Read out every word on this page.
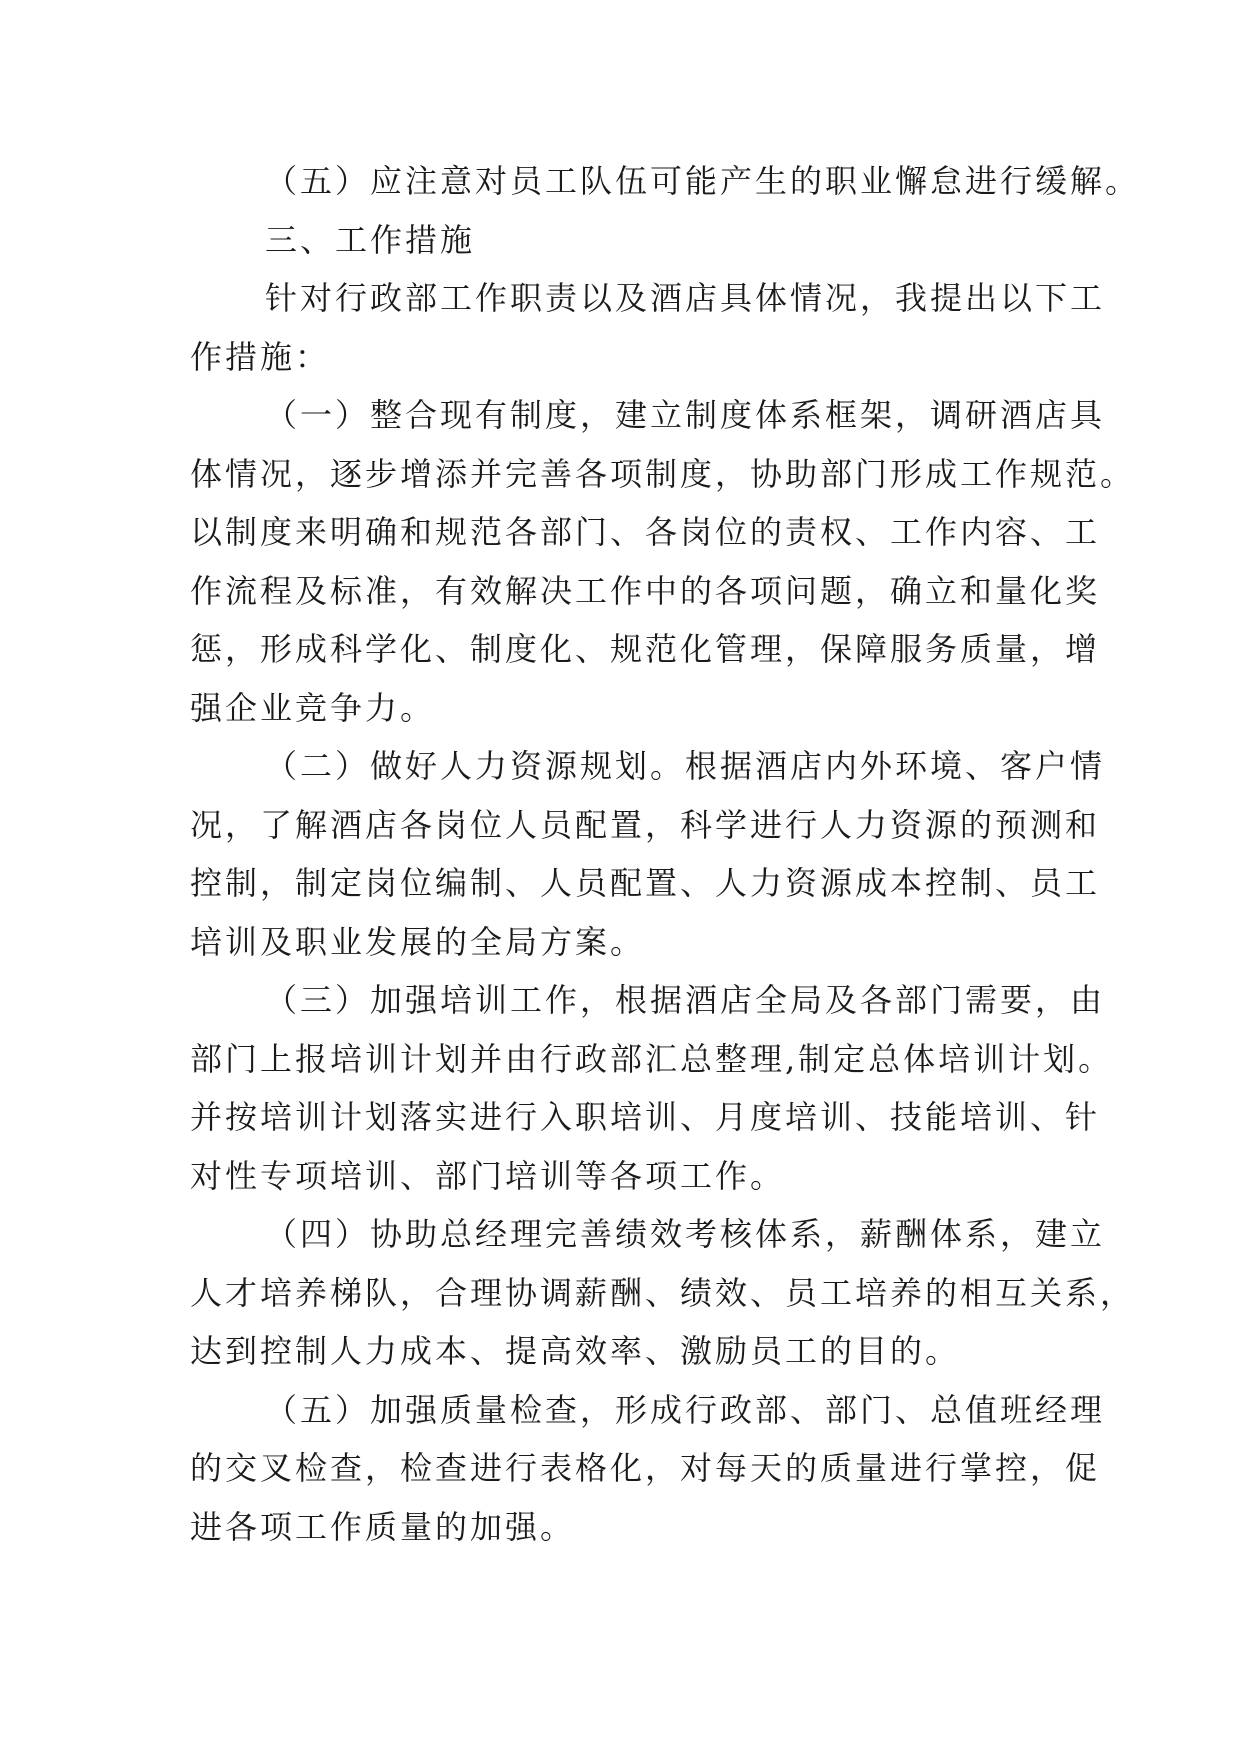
（五）应注意对员工队伍可能产生的职业懈怠进行缓解。
三、工作措施
针对行政部工作职责以及酒店具体情况，我提出以下工
作措施：
（一）整合现有制度，建立制度体系框架，调研酒店具
体情况，逐步增添并完善各项制度，协助部门形成工作规范。
以制度来明确和规范各部门、各岗位的责权、工作内容、工
作流程及标准，有效解决工作中的各项问题，确立和量化奖
惩，形成科学化、制度化、规范化管理，保障服务质量，增
强企业竞争力。
（二）做好人力资源规划。根据酒店内外环境、客户情
况，了解酒店各岗位人员配置，科学进行人力资源的预测和
控制，制定岗位编制、人员配置、人力资源成本控制、员工
培训及职业发展的全局方案。
（三）加强培训工作，根据酒店全局及各部门需要，由
部门上报培训计划并由行政部汇总整理,制定总体培训计划。
并按培训计划落实进行入职培训、月度培训、技能培训、针
对性专项培训、部门培训等各项工作。
（四）协助总经理完善绩效考核体系，薪酬体系，建立
人才培养梯队，合理协调薪酬、绩效、员工培养的相互关系，
达到控制人力成本、提高效率、激励员工的目的。
（五）加强质量检查，形成行政部、部门、总值班经理
的交叉检查，检查进行表格化，对每天的质量进行掌控，促
进各项工作质量的加强。
